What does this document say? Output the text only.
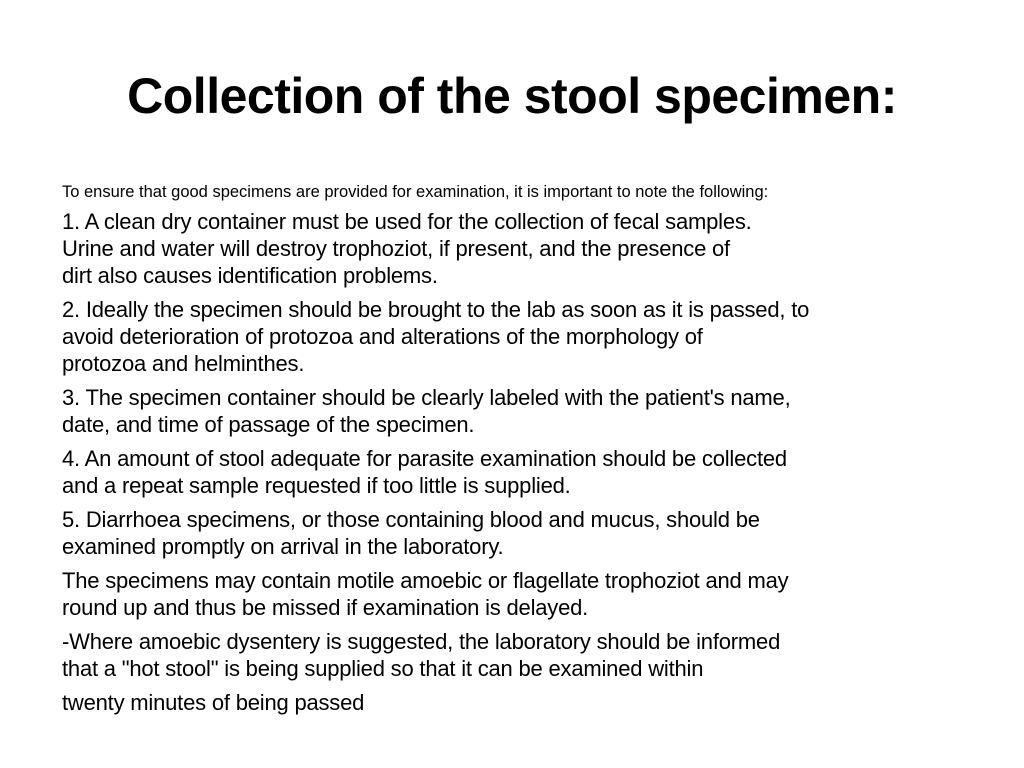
Collection of the stool specimen:
To ensure that good specimens are provided for examination, it is important to note the following:
1. A clean dry container must be used for the collection of fecal samples.
Urine and water will destroy trophoziot, if present, and the presence of
dirt also causes identification problems.
2. Ideally the specimen should be brought to the lab as soon as it is passed, to
avoid deterioration of protozoa and alterations of the morphology of
protozoa and helminthes.
3. The specimen container should be clearly labeled with the patient's name,
date, and time of passage of the specimen.
4. An amount of stool adequate for parasite examination should be collected
and a repeat sample requested if too little is supplied.
5. Diarrhoea specimens, or those containing blood and mucus, should be
examined promptly on arrival in the laboratory.
The specimens may contain motile amoebic or flagellate trophoziot and may
round up and thus be missed if examination is delayed.
-Where amoebic dysentery is suggested, the laboratory should be informed
that a "hot stool" is being supplied so that it can be examined within
twenty minutes of being passed
